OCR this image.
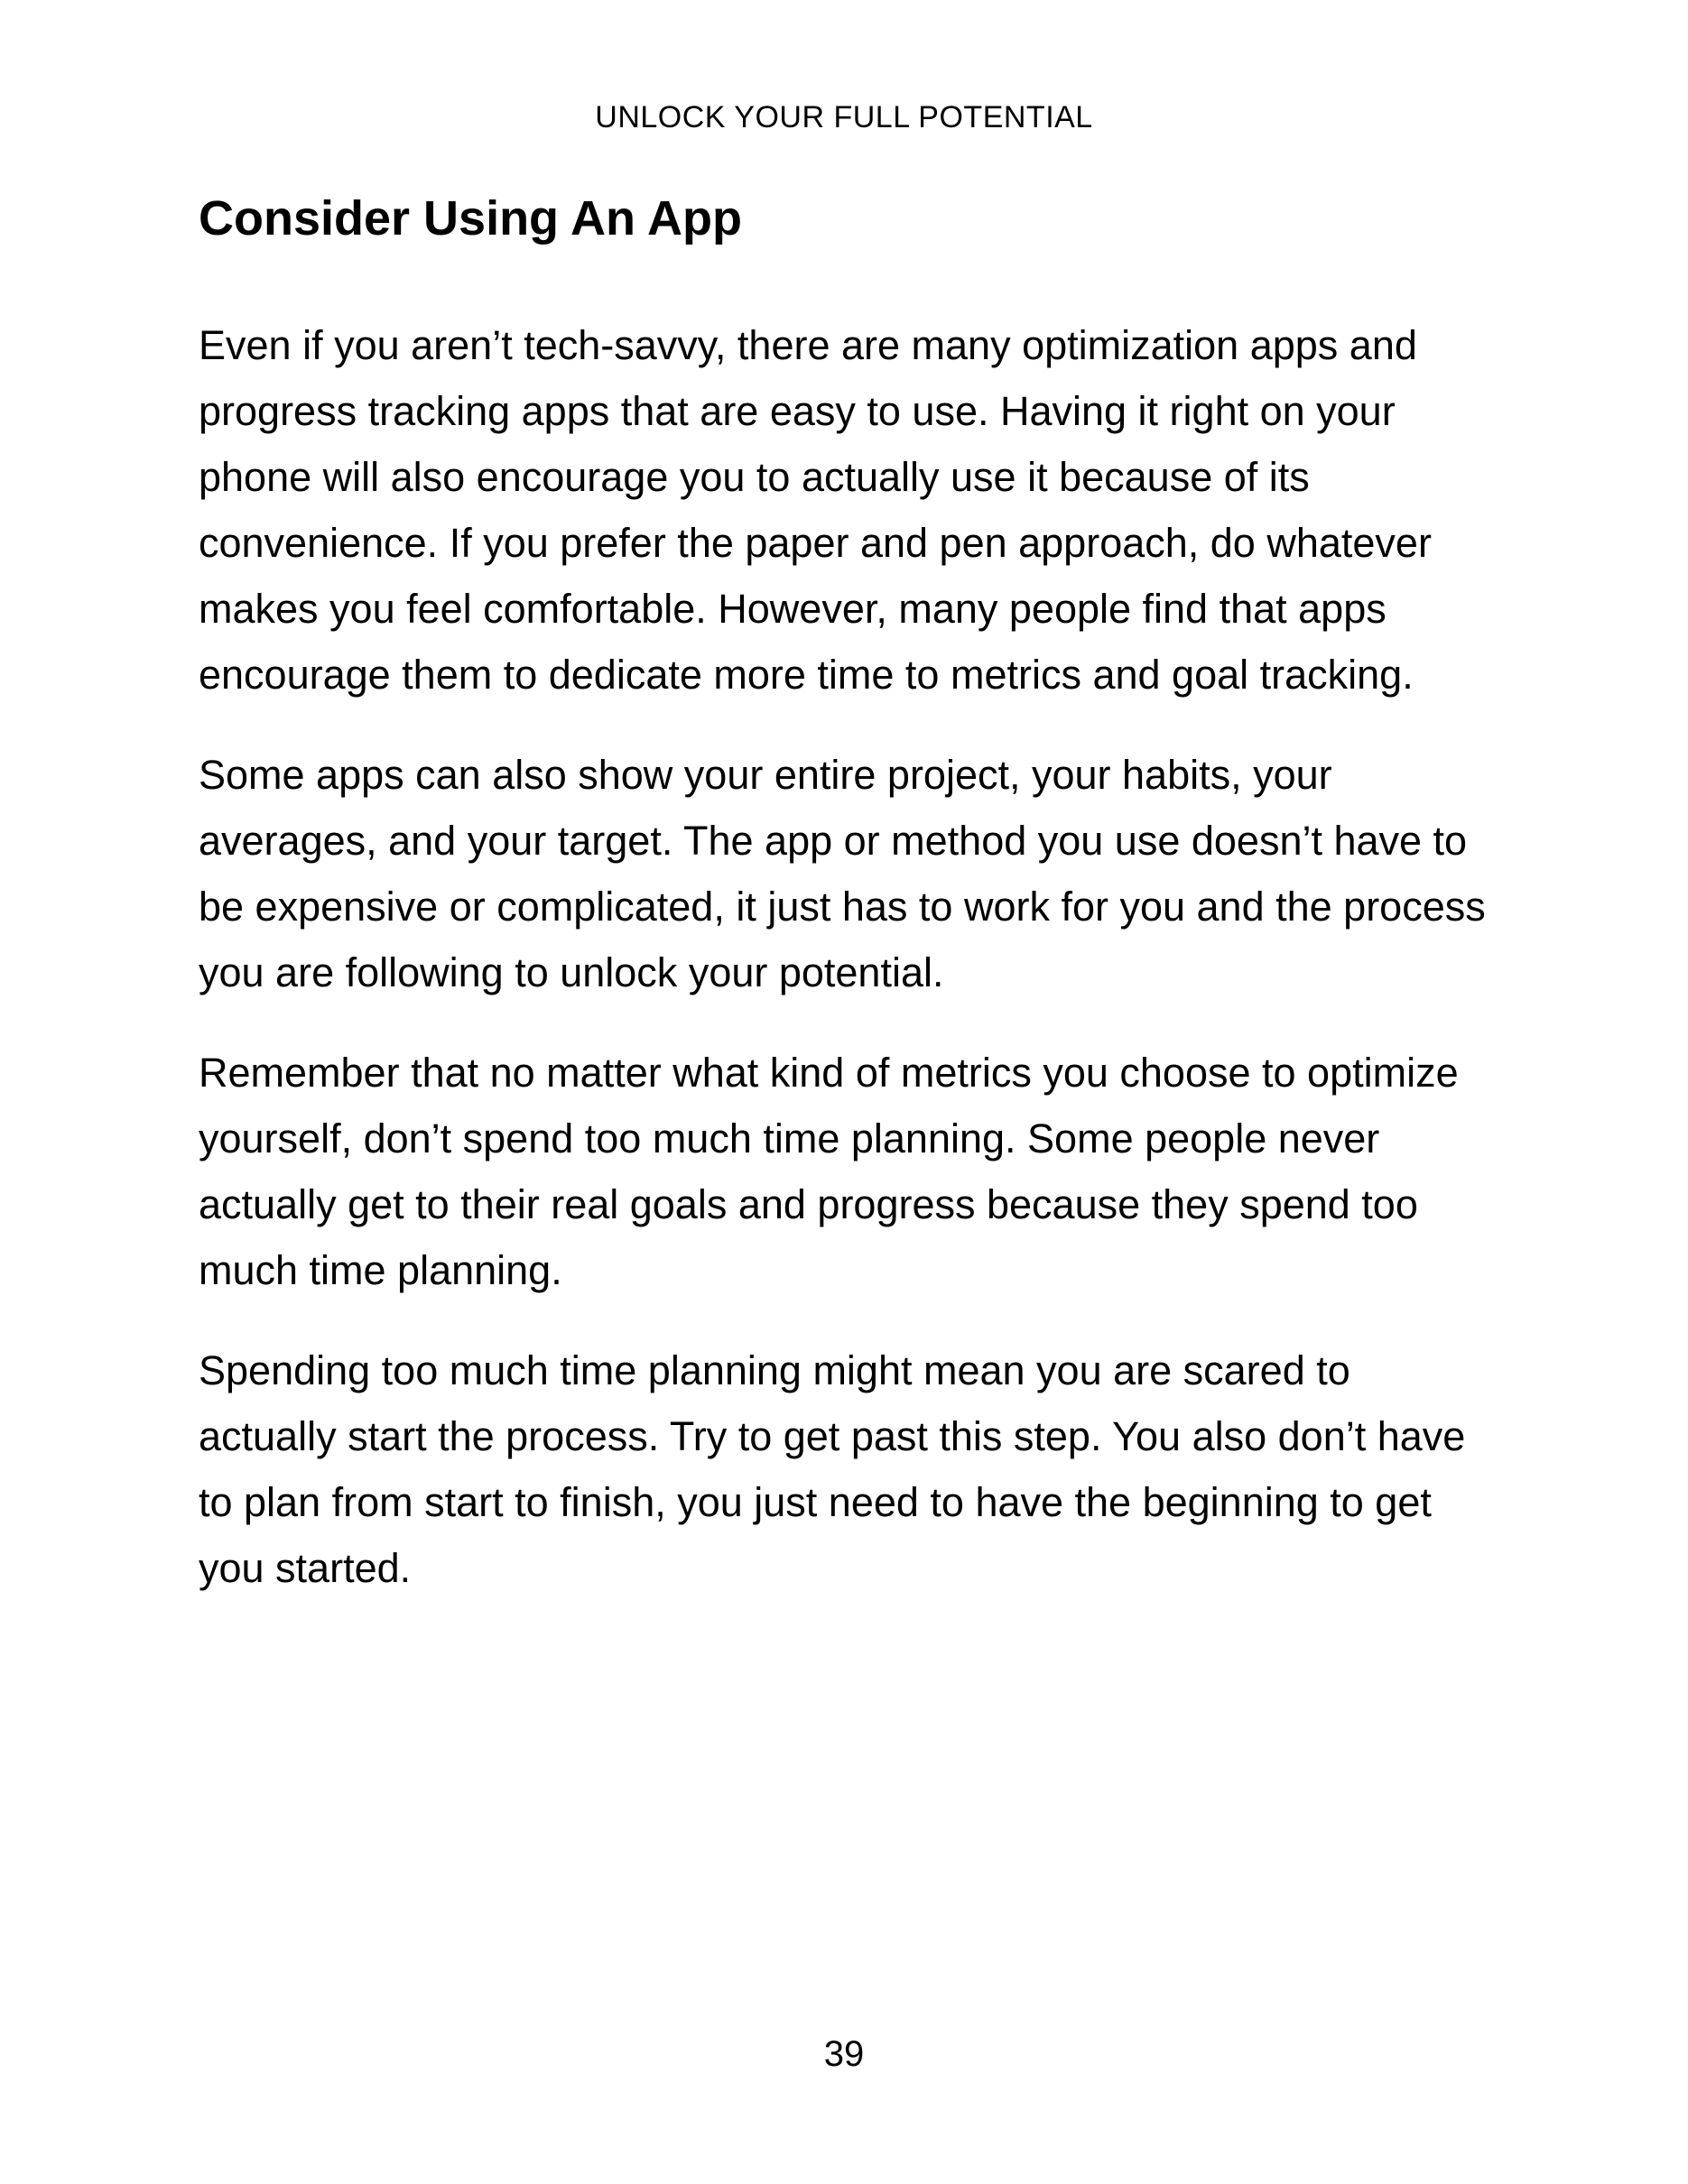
UNLOCK YOUR FULL POTENTIAL
Consider Using An App

Even if you aren’t tech-savvy, there are many optimization apps and progress tracking apps that are easy to use. Having it right on your phone will also encourage you to actually use it because of its convenience. If you prefer the paper and pen approach, do whatever makes you feel comfortable. However, many people find that apps encourage them to dedicate more time to metrics and goal tracking.

Some apps can also show your entire project, your habits, your averages, and your target. The app or method you use doesn’t have to be expensive or complicated, it just has to work for you and the process you are following to unlock your potential.

Remember that no matter what kind of metrics you choose to optimize yourself, don’t spend too much time planning. Some people never actually get to their real goals and progress because they spend too much time planning.

Spending too much time planning might mean you are scared to actually start the process. Try to get past this step. You also don’t have to plan from start to finish, you just need to have the beginning to get you started.

39
